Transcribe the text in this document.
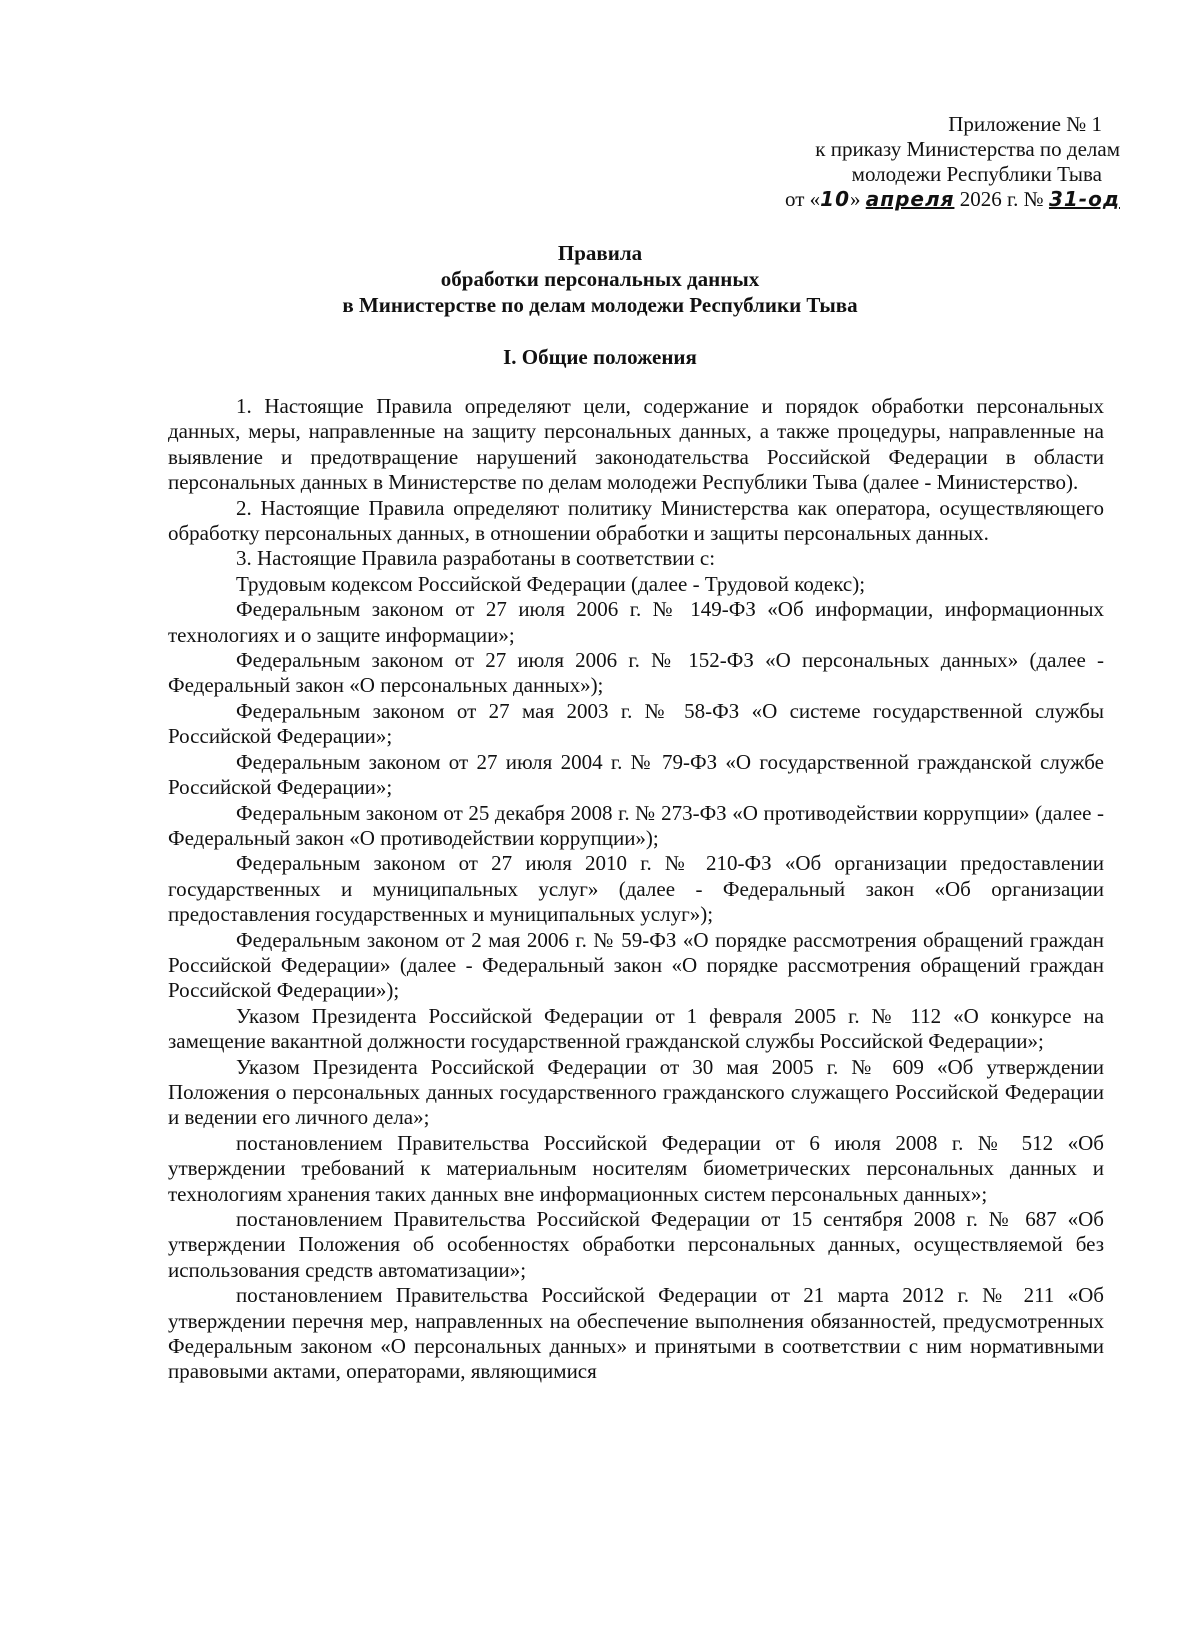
Приложение № 1
к приказу Министерства по делам
молодежи Республики Тыва
от «10» апреля 2026 г. № 31-од
Правила
обработки персональных данных
в Министерстве по делам молодежи Республики Тыва
I. Общие положения

1. Настоящие Правила определяют цели, содержание и порядок обработки персональных данных, меры, направленные на защиту персональных данных, а также процедуры, направленные на выявление и предотвращение нарушений законодательства Российской Федерации в области персональных данных в Министерстве по делам молодежи Республики Тыва (далее - Министерство).

2. Настоящие Правила определяют политику Министерства как оператора, осуществляющего обработку персональных данных, в отношении обработки и защиты персональных данных.

3. Настоящие Правила разработаны в соответствии с:

Трудовым кодексом Российской Федерации (далее - Трудовой кодекс);

Федеральным законом от 27 июля 2006 г. № 149-ФЗ «Об информации, информационных технологиях и о защите информации»;

Федеральным законом от 27 июля 2006 г. № 152-ФЗ «О персональных данных» (далее - Федеральный закон «О персональных данных»);

Федеральным законом от 27 мая 2003 г. № 58-ФЗ «О системе государственной службы Российской Федерации»;

Федеральным законом от 27 июля 2004 г. № 79-ФЗ «О государственной гражданской службе Российской Федерации»;

Федеральным законом от 25 декабря 2008 г. № 273-ФЗ «О противодействии коррупции» (далее - Федеральный закон «О противодействии коррупции»);

Федеральным законом от 27 июля 2010 г. № 210-ФЗ «Об организации предоставлении государственных и муниципальных услуг» (далее - Федеральный закон «Об организации предоставления государственных и муниципальных услуг»);

Федеральным законом от 2 мая 2006 г. № 59-ФЗ «О порядке рассмотрения обращений граждан Российской Федерации» (далее - Федеральный закон «О порядке рассмотрения обращений граждан Российской Федерации»);

Указом Президента Российской Федерации от 1 февраля 2005 г. № 112 «О конкурсе на замещение вакантной должности государственной гражданской службы Российской Федерации»;

Указом Президента Российской Федерации от 30 мая 2005 г. № 609 «Об утверждении Положения о персональных данных государственного гражданского служащего Российской Федерации и ведении его личного дела»;

постановлением Правительства Российской Федерации от 6 июля 2008 г. № 512 «Об утверждении требований к материальным носителям биометрических персональных данных и технологиям хранения таких данных вне информационных систем персональных данных»;

постановлением Правительства Российской Федерации от 15 сентября 2008 г. № 687 «Об утверждении Положения об особенностях обработки персональных данных, осуществляемой без использования средств автоматизации»;

постановлением Правительства Российской Федерации от 21 марта 2012 г. № 211 «Об утверждении перечня мер, направленных на обеспечение выполнения обязанностей, предусмотренных Федеральным законом «О персональных данных» и принятыми в соответствии с ним нормативными правовыми актами, операторами, являющимися
